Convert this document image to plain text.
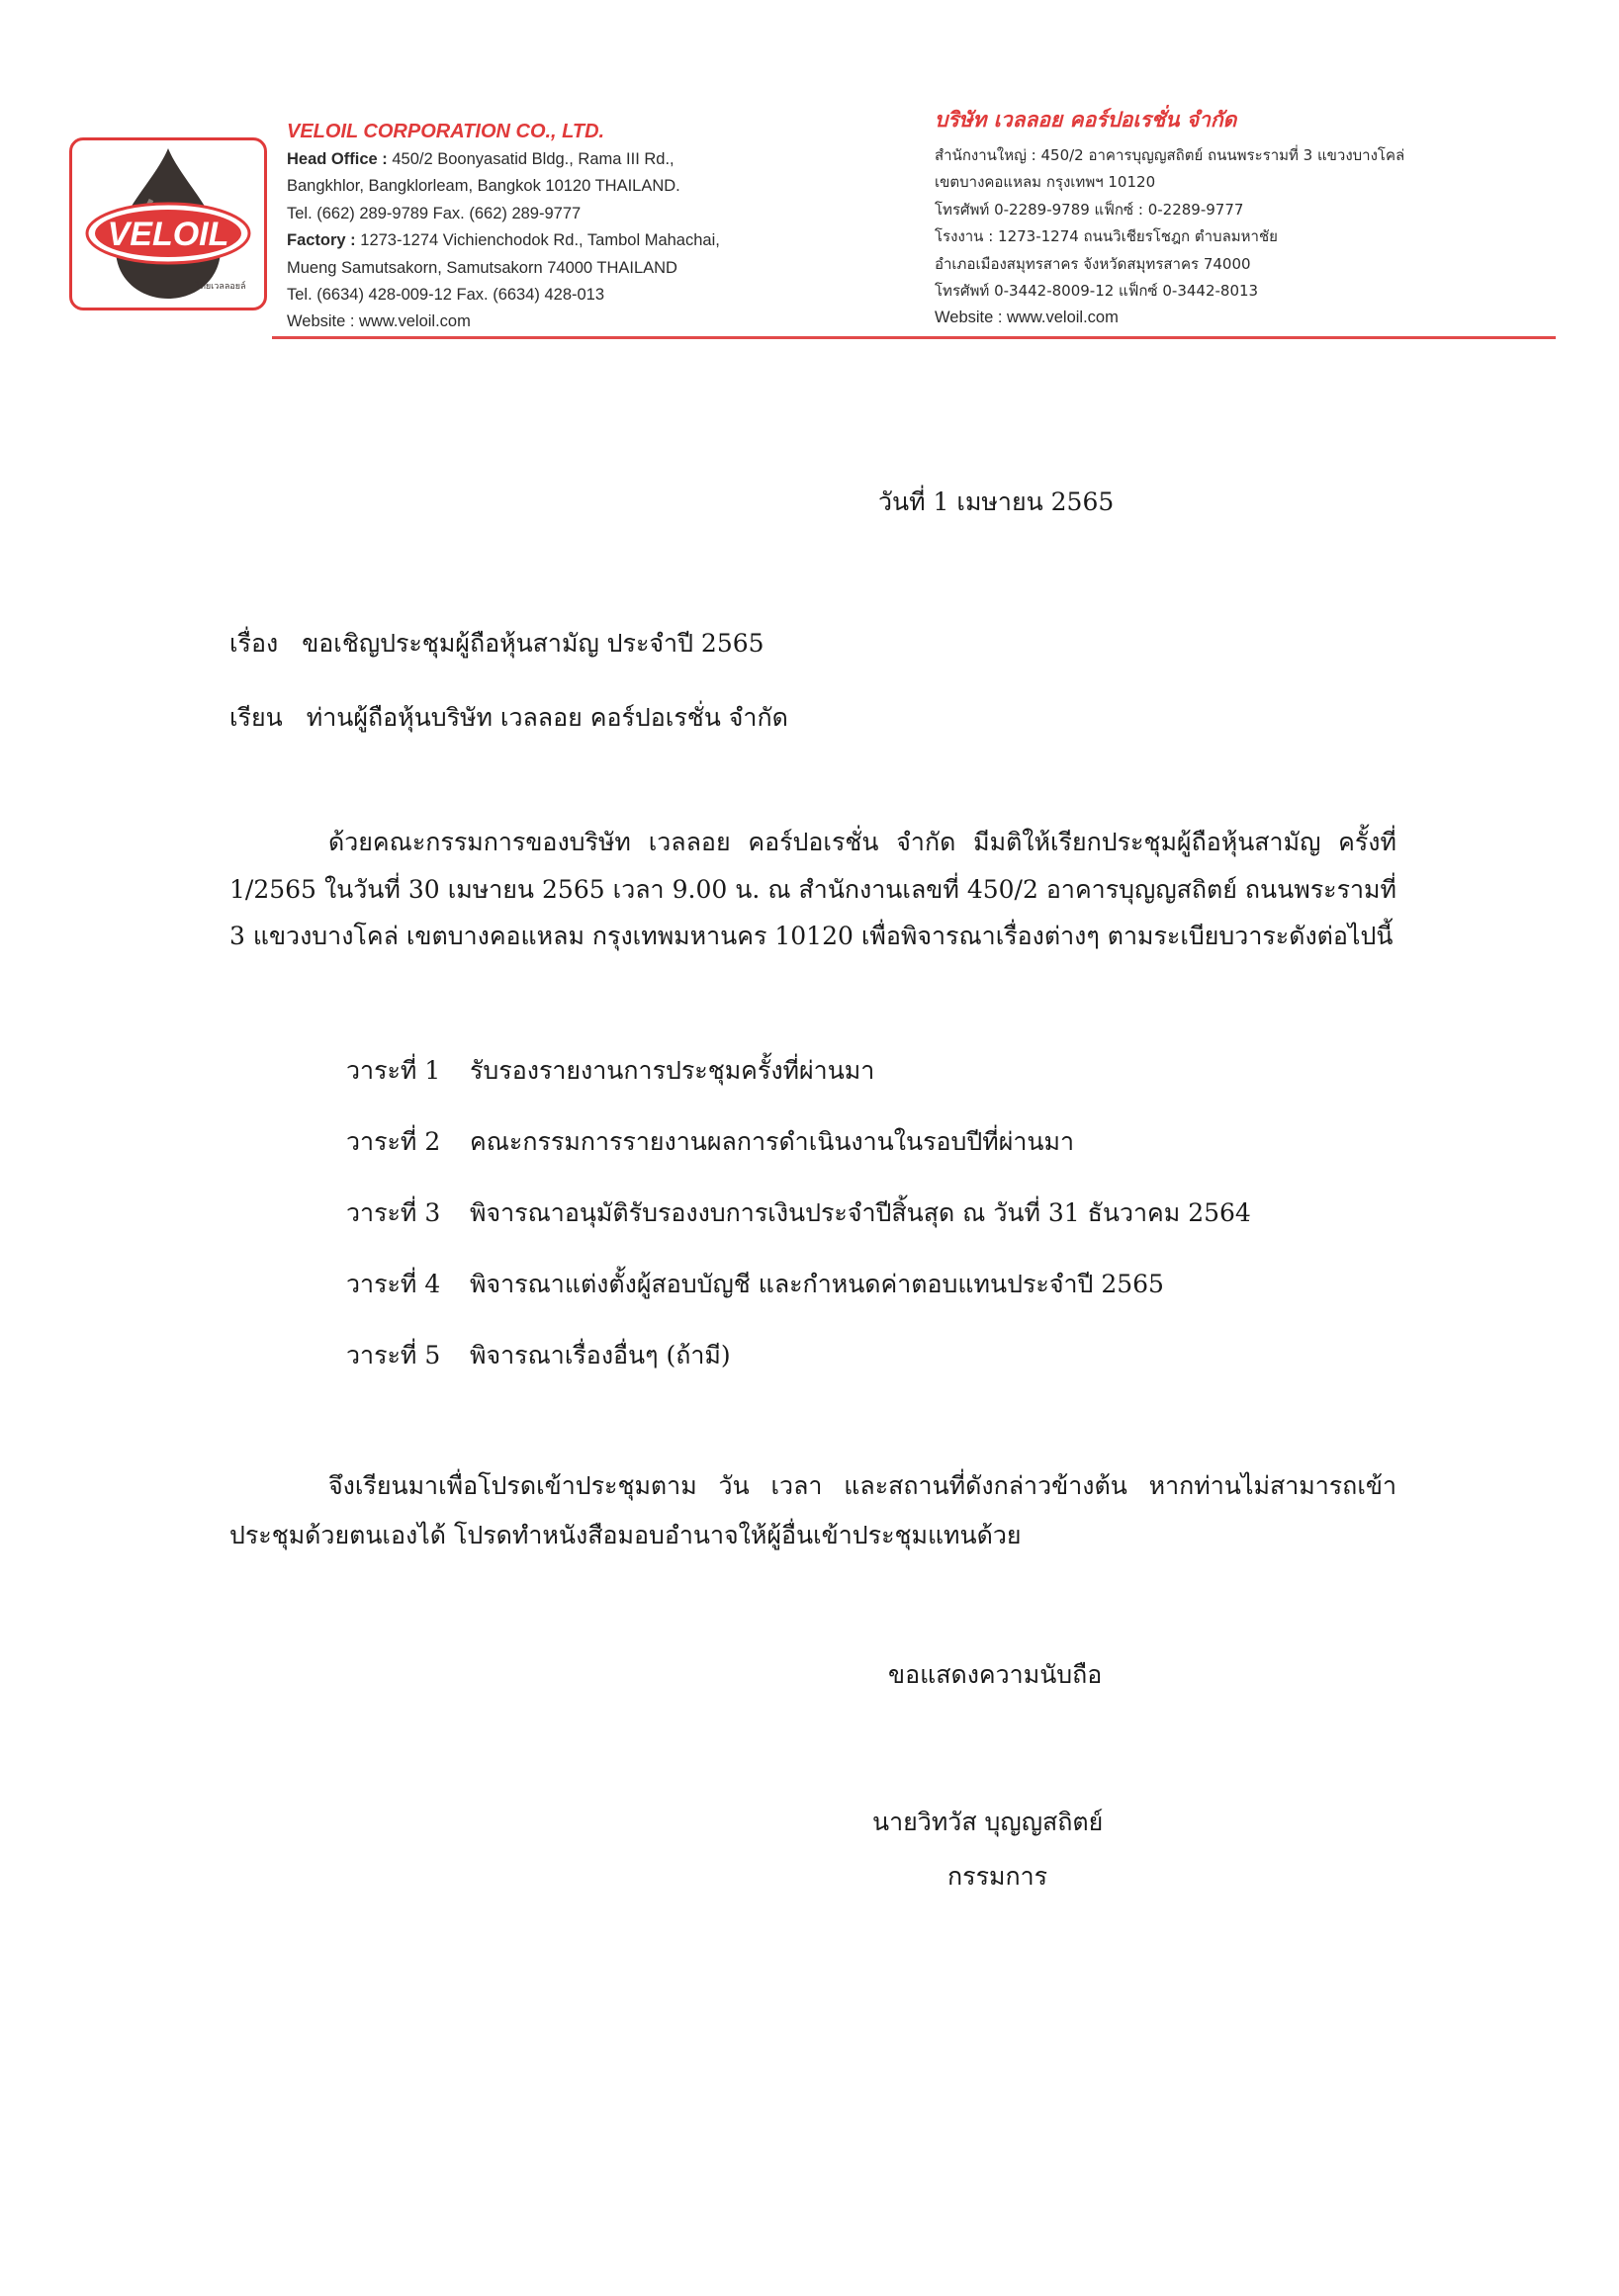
VELOIL
ไทยเวลลอยล์
VELOIL CORPORATION CO., LTD.
Head Office : 450/2 Boonyasatid Bldg., Rama III Rd.,
Bangkhlor, Bangklorleam, Bangkok 10120 THAILAND.
Tel. (662) 289-9789 Fax. (662) 289-9777
Factory : 1273-1274 Vichienchodok Rd., Tambol Mahachai,
Mueng Samutsakorn, Samutsakorn 74000 THAILAND
Tel. (6634) 428-009-12 Fax. (6634) 428-013
Website : www.veloil.com
บริษัท เวลลอย คอร์ปอเรชั่น จำกัด
สำนักงานใหญ่ : 450/2 อาคารบุญญสถิตย์ ถนนพระรามที่ 3 แขวงบางโคล่
เขตบางคอแหลม กรุงเทพฯ 10120
โทรศัพท์ 0-2289-9789 แฟ็กซ์ : 0-2289-9777
โรงงาน : 1273-1274 ถนนวิเชียรโชฎก ตำบลมหาชัย
อำเภอเมืองสมุทรสาคร จังหวัดสมุทรสาคร 74000
โทรศัพท์ 0-3442-8009-12 แฟ็กซ์ 0-3442-8013
Website : www.veloil.com
วันที่ 1 เมษายน 2565
เรื่อง ขอเชิญประชุมผู้ถือหุ้นสามัญ ประจำปี 2565
เรียน ท่านผู้ถือหุ้นบริษัท เวลลอย คอร์ปอเรชั่น จำกัด
ด้วยคณะกรรมการของบริษัท เวลลอย คอร์ปอเรชั่น จำกัด มีมติให้เรียกประชุมผู้ถือหุ้นสามัญ ครั้งที่ 1/2565 ในวันที่ 30 เมษายน 2565 เวลา 9.00 น. ณ สำนักงานเลขที่ 450/2 อาคารบุญญสถิตย์ ถนนพระรามที่ 3 แขวงบางโคล่ เขตบางคอแหลม กรุงเทพมหานคร 10120 เพื่อพิจารณาเรื่องต่างๆ ตามระเบียบวาระดังต่อไปนี้
วาระที่ 1 รับรองรายงานการประชุมครั้งที่ผ่านมา
วาระที่ 2 คณะกรรมการรายงานผลการดำเนินงานในรอบปีที่ผ่านมา
วาระที่ 3 พิจารณาอนุมัติรับรองงบการเงินประจำปีสิ้นสุด ณ วันที่ 31 ธันวาคม 2564
วาระที่ 4 พิจารณาแต่งตั้งผู้สอบบัญชี และกำหนดค่าตอบแทนประจำปี 2565
วาระที่ 5 พิจารณาเรื่องอื่นๆ (ถ้ามี)
จึงเรียนมาเพื่อโปรดเข้าประชุมตาม วัน เวลา และสถานที่ดังกล่าวข้างต้น หากท่านไม่สามารถเข้า ประชุมด้วยตนเองได้ โปรดทำหนังสือมอบอำนาจให้ผู้อื่นเข้าประชุมแทนด้วย
ขอแสดงความนับถือ
นายวิทวัส บุญญสถิตย์
กรรมการ
